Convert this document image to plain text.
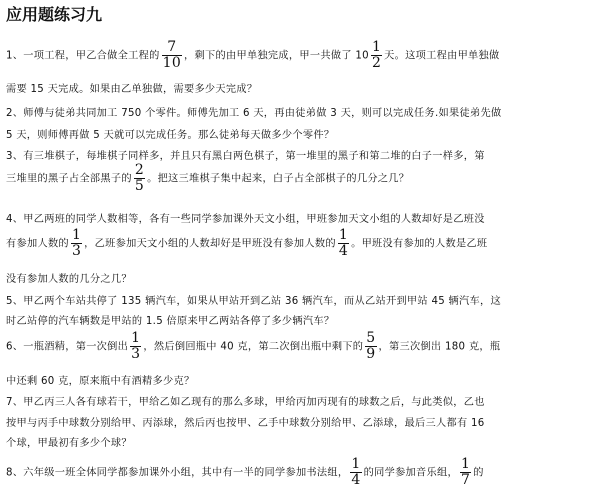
应用题练习九
1、一项工程，甲乙合做全工程的 $\frac{7}{10}$ ，剩下的由甲单独完成，甲一共做了 $10 \frac{1}{2}$ 天。这项工程由甲单独做
需要 15 天完成。如果由乙单独做，需要多少天完成？
2、师傅与徒弟共同加工 750 个零件。师傅先加工 6 天，再由徒弟做 3 天，则可以完成任务.如果徒弟先做
5 天，则师傅再做 5 天就可以完成任务。那么徒弟每天做多少个零件？
3、有三堆棋子，每堆棋子同样多，并且只有黑白两色棋子，第一堆里的黑子和第二堆的白子一样多，第
三堆里的黑子占全部黑子的 $\frac{2}{5}$ 。把这三堆棋子集中起来，白子占全部棋子的几分之几？
4、甲乙两班的同学人数相等，各有一些同学参加课外天文小组，甲班参加天文小组的人数却好是乙班没
有参加人数的 $\frac{1}{3}$ ，乙班参加天文小组的人数却好是甲班没有参加人数的 $\frac{1}{4}$ 。甲班没有参加的人数是乙班
没有参加人数的几分之几？
5、甲乙两个车站共停了 135 辆汽车，如果从甲站开到乙站 36 辆汽车，而从乙站开到甲站 45 辆汽车，这
时乙站停的汽车辆数是甲站的 1.5 倍原来甲乙两站各停了多少辆汽车？
6、一瓶酒精，第一次倒出 $\frac{1}{3}$ ，然后倒回瓶中 40 克，第二次倒出瓶中剩下的 $\frac{5}{9}$ ，第三次倒出 180 克，瓶
中还剩 60 克，原来瓶中有酒精多少克？
7、甲乙丙三人各有球若干，甲给乙如乙现有的那么多球，甲给丙加丙现有的球数之后，与此类似，乙也
按甲与丙手中球数分别给甲、丙添球，然后丙也按甲、乙手中球数分别给甲、乙添球，最后三人都有 16
个球，甲最初有多少个球？
8、六年级一班全体同学都参加课外小组，其中有一半的同学参加书法组， $\frac{1}{4}$ 的同学参加音乐组， $\frac{1}{7}$ 的
